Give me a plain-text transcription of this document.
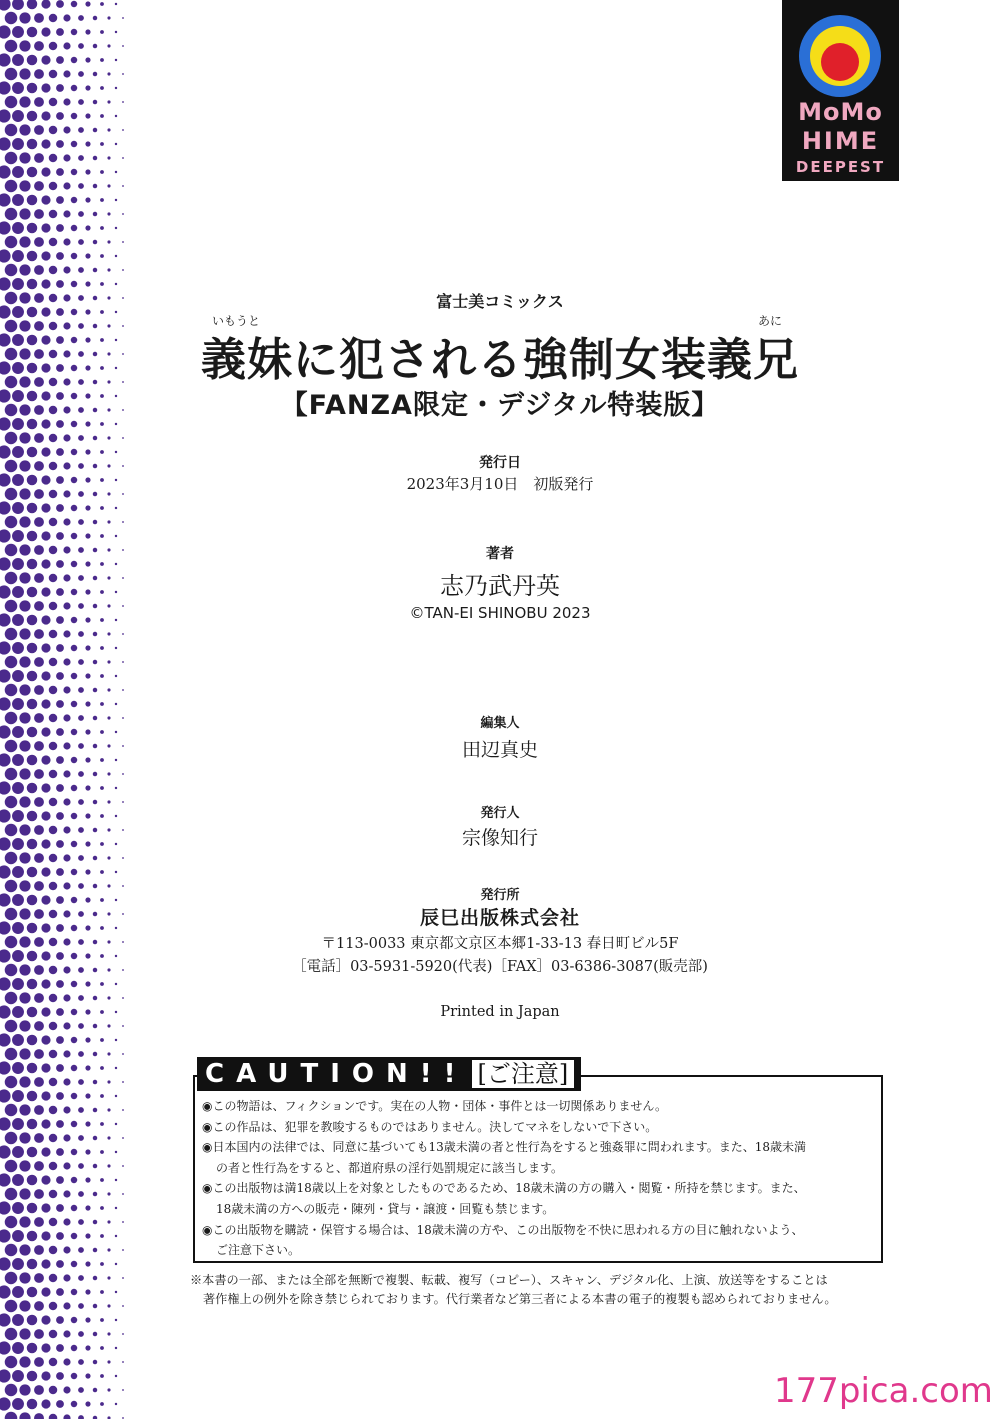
MoMo
HIME
DEEPEST
富士美コミックス
いもうと	あに
義妹に犯される強制女装義兄
【FANZA限定・デジタル特装版】
発行日
2023年3月10日　初版発行
著者
志乃武丹英
©TAN-EI SHINOBU 2023
編集人
田辺真史
発行人
宗像知行
発行所
辰巳出版株式会社
〒113-0033 東京都文京区本郷1-33-13 春日町ビル5F
［電話］03-5931-5920(代表)［FAX］03-6386-3087(販売部)
Printed in Japan
CAUTION!! [ご注意]
◉この物語は、フィクションです。実在の人物・団体・事件とは一切関係ありません。
◉この作品は、犯罪を教唆するものではありません。決してマネをしないで下さい。
◉日本国内の法律では、同意に基づいても13歳未満の者と性行為をすると強姦罪に問われます。また、18歳未満
の者と性行為をすると、都道府県の淫行処罰規定に該当します。
◉この出版物は満18歳以上を対象としたものであるため、18歳未満の方の購入・閲覧・所持を禁じます。また、
18歳未満の方への販売・陳列・貸与・譲渡・回覧も禁じます。
◉この出版物を購読・保管する場合は、18歳未満の方や、この出版物を不快に思われる方の目に触れないよう、
ご注意下さい。
※本書の一部、または全部を無断で複製、転載、複写（コピー）、スキャン、デジタル化、上演、放送等をすることは
著作権上の例外を除き禁じられております。代行業者など第三者による本書の電子的複製も認められておりません。
177pica.com
